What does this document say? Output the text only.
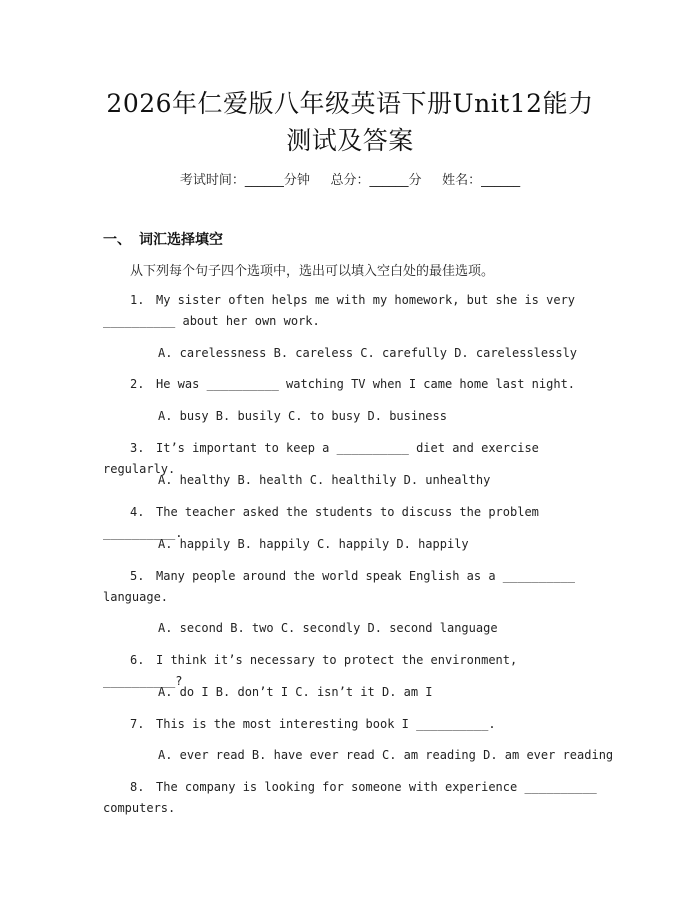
2026年仁爱版八年级英语下册Unit12能力
测试及答案
考试时间：______分钟     总分：______分     姓名：______
一、 词汇选择填空
从下列每个句子四个选项中，选出可以填入空白处的最佳选项。
1. My sister often helps me with my homework, but she is very __________ about her own work.
A. carelessness B. careless C. carefully D. carelesslessly
2. He was __________ watching TV when I came home last night.
A. busy B. busily C. to busy D. business
3. It’s important to keep a __________ diet and exercise regularly.
A. healthy B. health C. healthily D. unhealthy
4. The teacher asked the students to discuss the problem __________.
A. happily B. happily C. happily D. happily
5. Many people around the world speak English as a __________ language.
A. second B. two C. secondly D. second language
6. I think it’s necessary to protect the environment, __________?
A. do I B. don’t I C. isn’t it D. am I
7. This is the most interesting book I __________.
A. ever read B. have ever read C. am reading D. am ever reading
8. The company is looking for someone with experience __________ computers.
